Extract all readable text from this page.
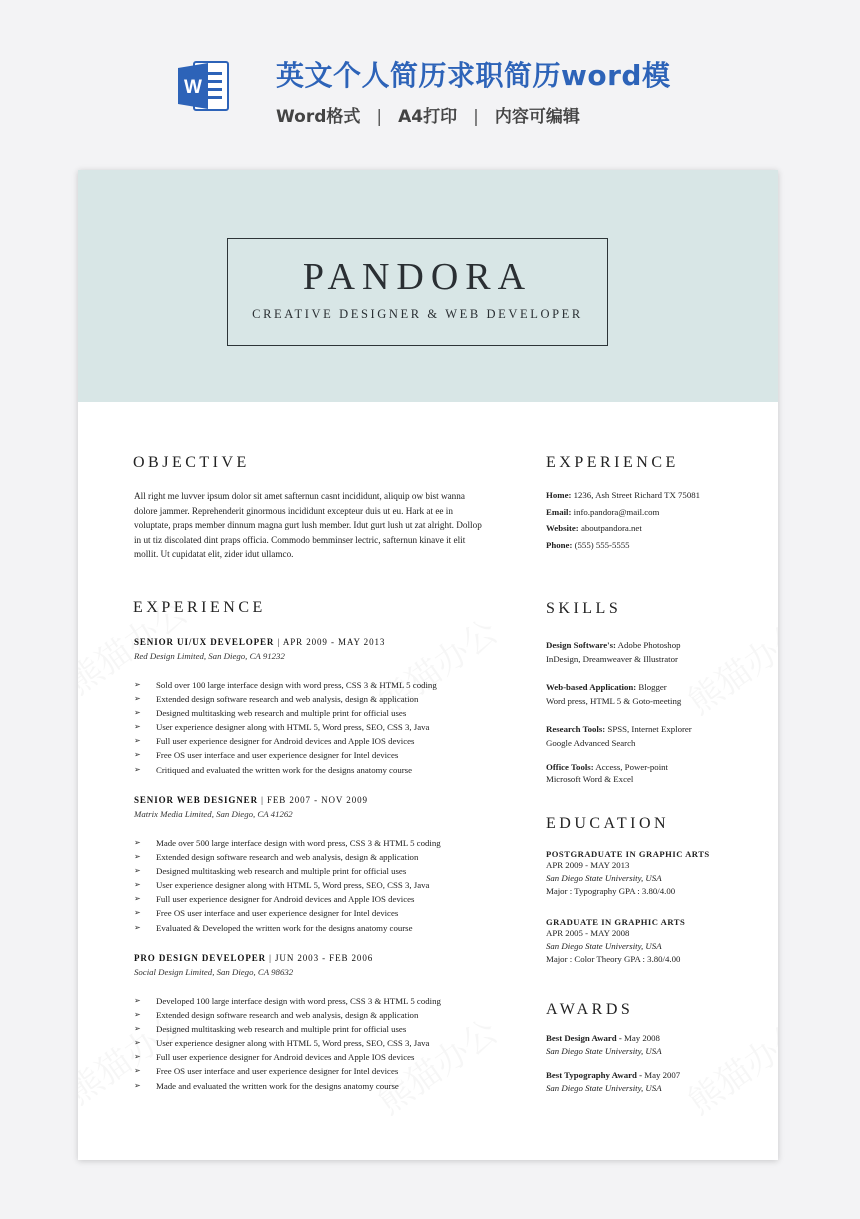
W	英文个人简历求职简历word模
Word格式 | A4打印 | 内容可编辑
PANDORA
CREATIVE DESIGNER & WEB DEVELOPER
OBJECTIVE
All right me luvver ipsum dolor sit amet safternun casnt incididunt, aliquip ow bist wanna
dolore jammer. Reprehenderit ginormous incididunt excepteur duis ut eu. Hark at ee in
voluptate, praps member dinnum magna gurt lush member. Idut gurt lush ut zat alright. Dollop
in ut tiz discolated dint praps officia. Commodo bemminser lectric, safternun kinave it elit
mollit. Ut cupidatat elit, zider idut ullamco.
EXPERIENCE
SENIOR UI/UX DEVELOPER | APR 2009 - MAY 2013
Red Design Limited, San Diego, CA 91232
➢ Sold over 100 large interface design with word press, CSS 3 & HTML 5 coding
➢ Extended design software research and web analysis, design & application
➢ Designed multitasking web research and multiple print for official uses
➢ User experience designer along with HTML 5, Word press, SEO, CSS 3, Java
➢ Full user experience designer for Android devices and Apple IOS devices
➢ Free OS user interface and user experience designer for Intel devices
➢ Critiqued and evaluated the written work for the designs anatomy course
SENIOR WEB DESIGNER | FEB 2007 - NOV 2009
Matrix Media Limited, San Diego, CA 41262
➢ Made over 500 large interface design with word press, CSS 3 & HTML 5 coding
➢ Extended design software research and web analysis, design & application
➢ Designed multitasking web research and multiple print for official uses
➢ User experience designer along with HTML 5, Word press, SEO, CSS 3, Java
➢ Full user experience designer for Android devices and Apple IOS devices
➢ Free OS user interface and user experience designer for Intel devices
➢ Evaluated & Developed the written work for the designs anatomy course
PRO DESIGN DEVELOPER | JUN 2003 - FEB 2006
Social Design Limited, San Diego, CA 98632
➢ Developed 100 large interface design with word press, CSS 3 & HTML 5 coding
➢ Extended design software research and web analysis, design & application
➢ Designed multitasking web research and multiple print for official uses
➢ User experience designer along with HTML 5, Word press, SEO, CSS 3, Java
➢ Full user experience designer for Android devices and Apple IOS devices
➢ Free OS user interface and user experience designer for Intel devices
➢ Made and evaluated the written work for the designs anatomy course
EXPERIENCE
Home: 1236, Ash Street Richard TX 75081
Email: info.pandora@mail.com
Website: aboutpandora.net
Phone: (555) 555-5555
SKILLS
Design Software's: Adobe Photoshop
InDesign, Dreamweaver & Illustrator
Web-based Application: Blogger
Word press, HTML 5 & Goto-meeting
Research Tools: SPSS, Internet Explorer
Google Advanced Search
Office Tools: Access, Power-point
Microsoft Word & Excel
EDUCATION
POSTGRADUATE IN GRAPHIC ARTS
APR 2009 - MAY 2013
San Diego State University, USA
Major : Typography GPA : 3.80/4.00
GRADUATE IN GRAPHIC ARTS
APR 2005 - MAY 2008
San Diego State University, USA
Major : Color Theory GPA : 3.80/4.00
AWARDS
Best Design Award - May 2008
San Diego State University, USA
Best Typography Award - May 2007
San Diego State University, USA
